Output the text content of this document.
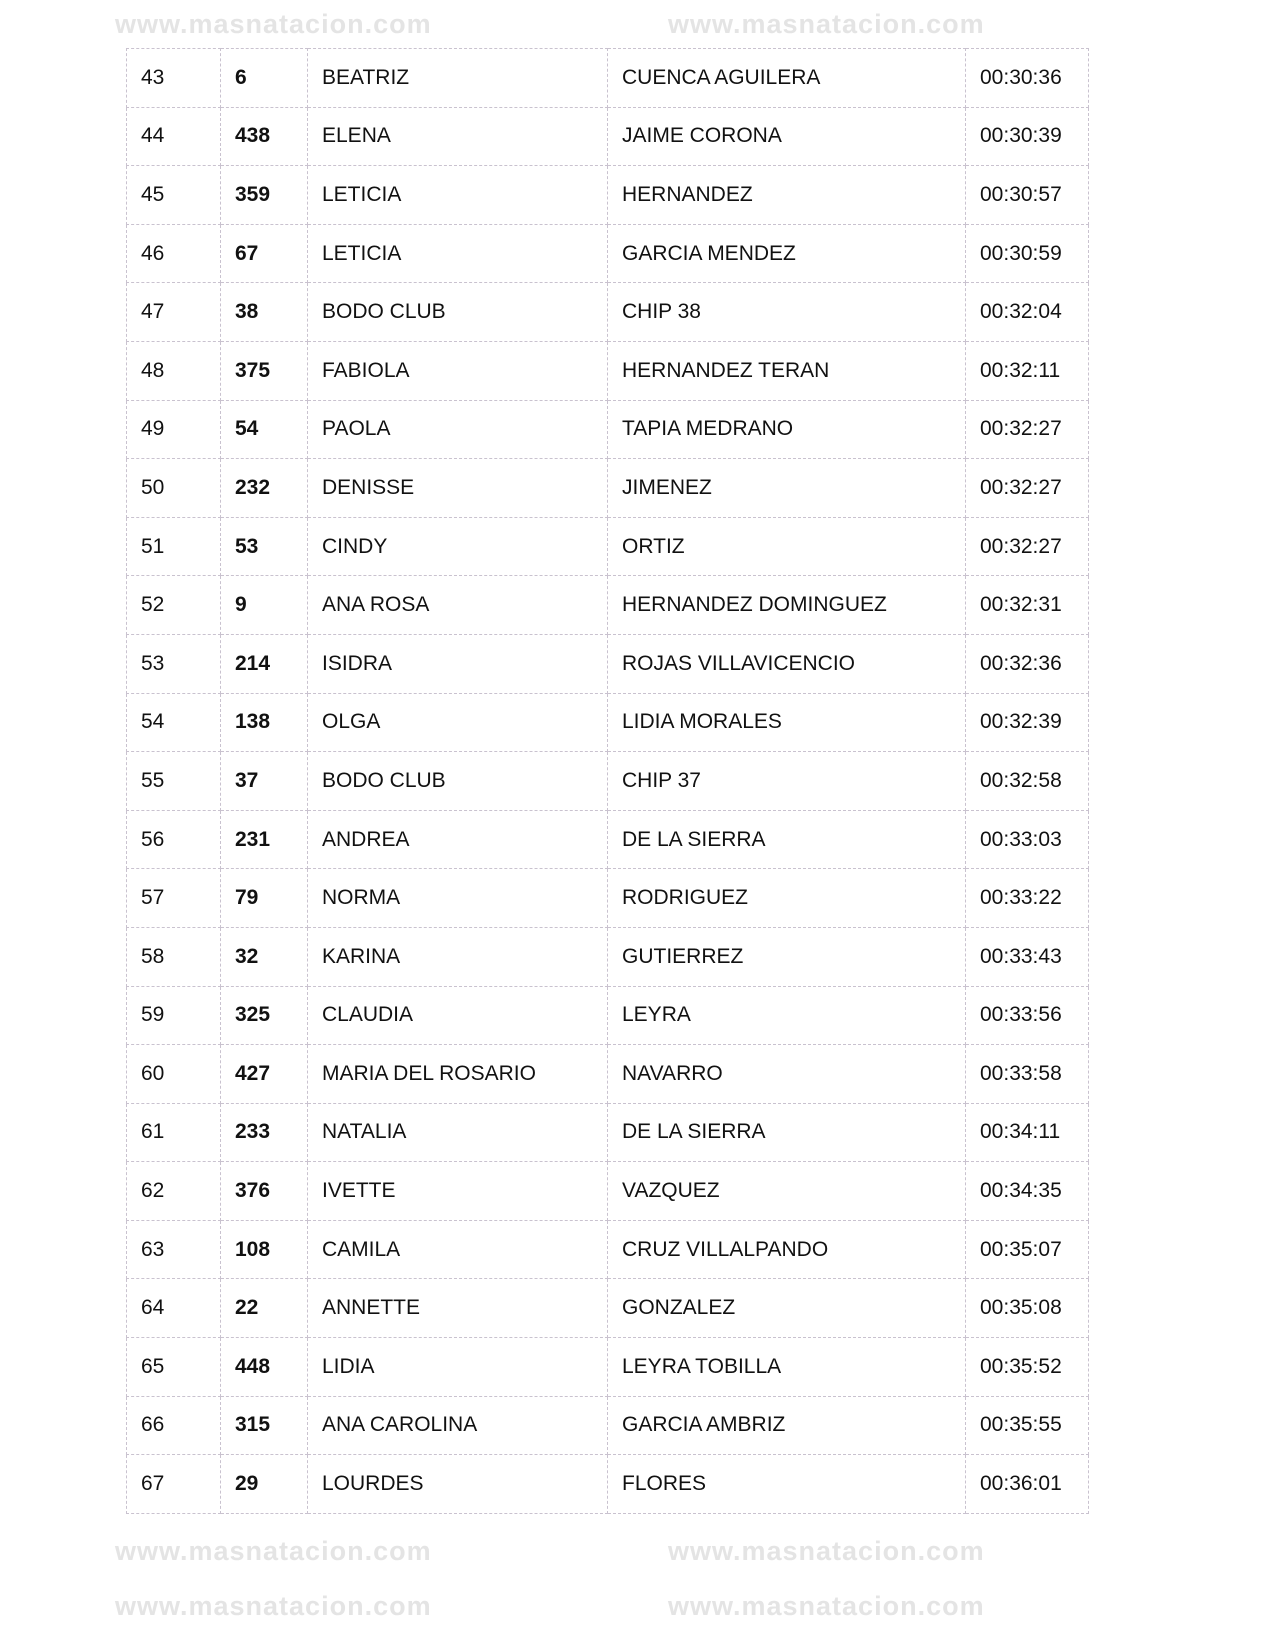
www.masnatacion.com	www.masnatacion.com
www.masnatacion.com	www.masnatacion.com
www.masnatacion.com	www.masnatacion.com
43	6	BEATRIZ	CUENCA AGUILERA	00:30:36
44	438	ELENA	JAIME CORONA	00:30:39
45	359	LETICIA	HERNANDEZ	00:30:57
46	67	LETICIA	GARCIA MENDEZ	00:30:59
47	38	BODO CLUB	CHIP 38	00:32:04
48	375	FABIOLA	HERNANDEZ TERAN	00:32:11
49	54	PAOLA	TAPIA MEDRANO	00:32:27
50	232	DENISSE	JIMENEZ	00:32:27
51	53	CINDY	ORTIZ	00:32:27
52	9	ANA ROSA	HERNANDEZ DOMINGUEZ	00:32:31
53	214	ISIDRA	ROJAS VILLAVICENCIO	00:32:36
54	138	OLGA	LIDIA MORALES	00:32:39
55	37	BODO CLUB	CHIP 37	00:32:58
56	231	ANDREA	DE LA SIERRA	00:33:03
57	79	NORMA	RODRIGUEZ	00:33:22
58	32	KARINA	GUTIERREZ	00:33:43
59	325	CLAUDIA	LEYRA	00:33:56
60	427	MARIA DEL ROSARIO	NAVARRO	00:33:58
61	233	NATALIA	DE LA SIERRA	00:34:11
62	376	IVETTE	VAZQUEZ	00:34:35
63	108	CAMILA	CRUZ VILLALPANDO	00:35:07
64	22	ANNETTE	GONZALEZ	00:35:08
65	448	LIDIA	LEYRA TOBILLA	00:35:52
66	315	ANA CAROLINA	GARCIA AMBRIZ	00:35:55
67	29	LOURDES	FLORES	00:36:01
